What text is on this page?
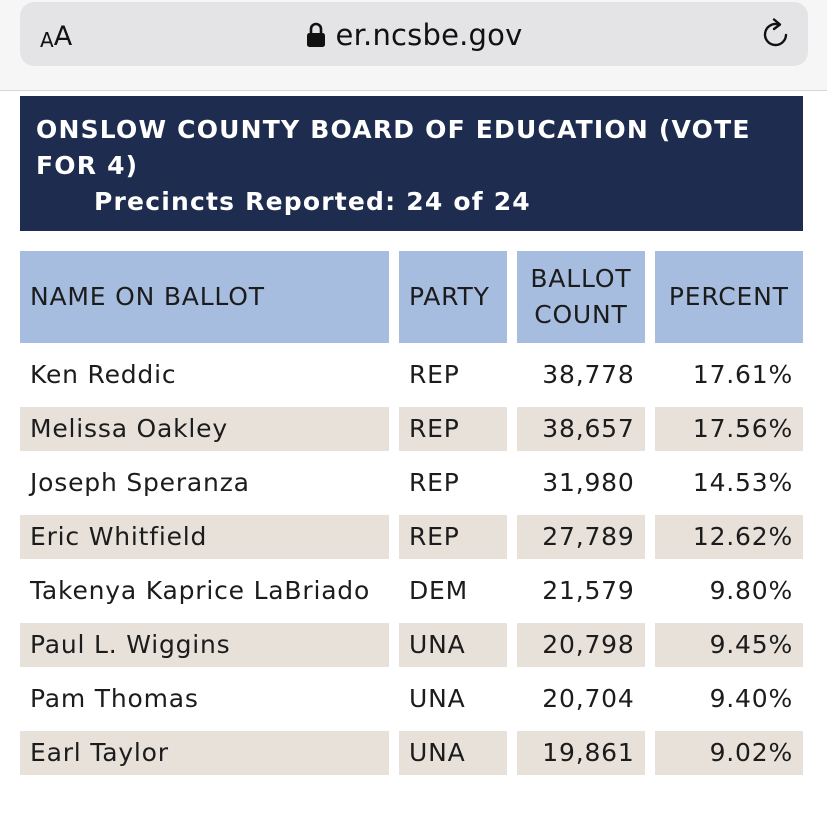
A A	er.ncsbe.gov
ONSLOW COUNTY BOARD OF EDUCATION (VOTE FOR 4)
Precincts Reported: 24 of 24
NAME ON BALLOT	PARTY	BALLOT COUNT	PERCENT
Ken Reddic	REP	38,778	17.61%
Melissa Oakley	REP	38,657	17.56%
Joseph Speranza	REP	31,980	14.53%
Eric Whitfield	REP	27,789	12.62%
Takenya Kaprice LaBriado	DEM	21,579	9.80%
Paul L. Wiggins	UNA	20,798	9.45%
Pam Thomas	UNA	20,704	9.40%
Earl Taylor	UNA	19,861	9.02%
